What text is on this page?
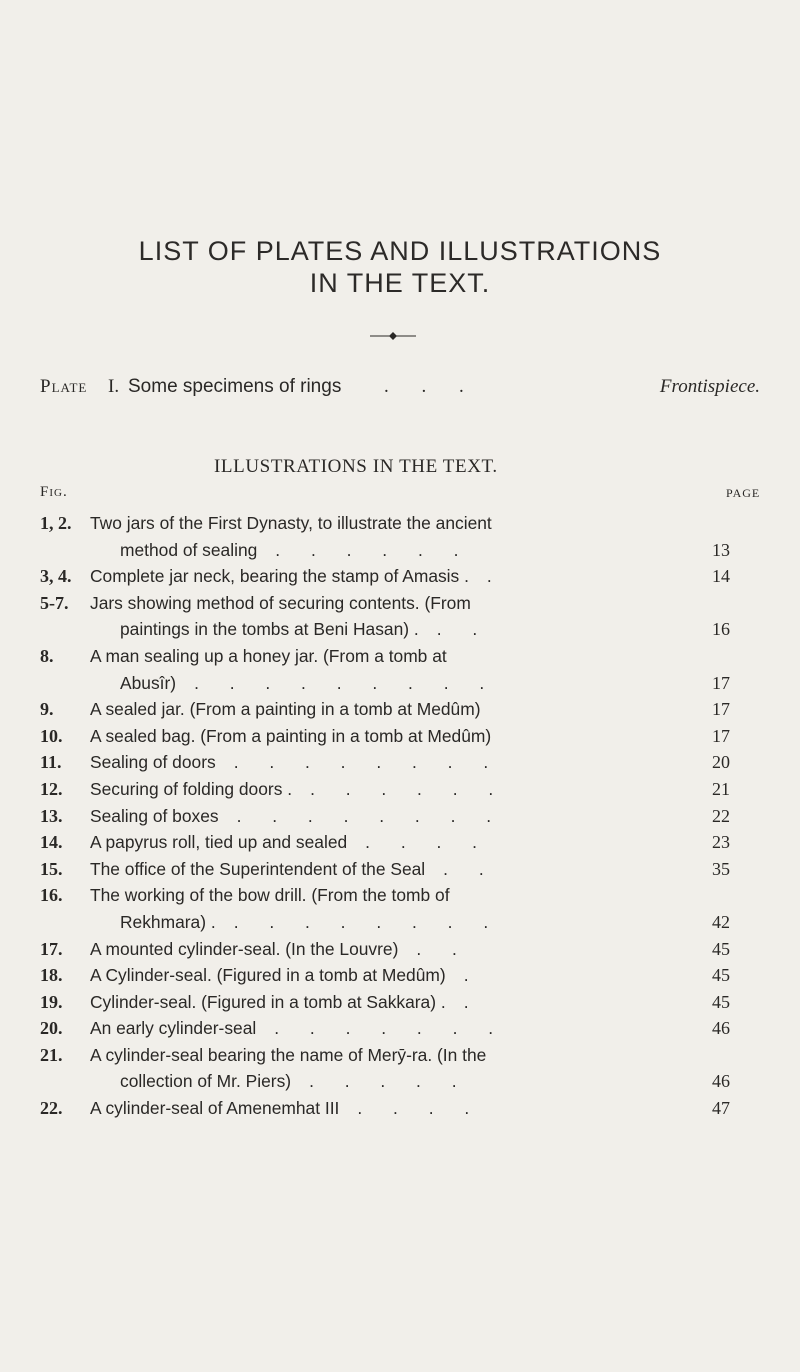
LIST OF PLATES AND ILLUSTRATIONS
IN THE TEXT.
Plate I. Some specimens of rings . . .	Frontispiece.
ILLUSTRATIONS IN THE TEXT.
Fig.	PAGE
1, 2.	Two jars of the First Dynasty, to illustrate the ancient
method of sealing . . . . . .	13
3, 4.	Complete jar neck, bearing the stamp of Amasis . .	14
5-7.	Jars showing method of securing contents. (From
paintings in the tombs at Beni Hasan) . . .	16
8.	A man sealing up a honey jar. (From a tomb at
Abusîr) . . . . . . . . .	17
9.	A sealed jar. (From a painting in a tomb at Medûm)	17
10.	A sealed bag. (From a painting in a tomb at Medûm)	17
11.	Sealing of doors . . . . . . . .	20
12.	Securing of folding doors . . . . . . .	21
13.	Sealing of boxes . . . . . . . .	22
14.	A papyrus roll, tied up and sealed . . . .	23
15.	The office of the Superintendent of the Seal . .	35
16.	The working of the bow drill. (From the tomb of
Rekhmara) . . . . . . . . .	42
17.	A mounted cylinder-seal. (In the Louvre) . .	45
18.	A Cylinder-seal. (Figured in a tomb at Medûm) .	45
19.	Cylinder-seal. (Figured in a tomb at Sakkara) . .	45
20.	An early cylinder-seal . . . . . . .	46
21.	A cylinder-seal bearing the name of Merȳ-ra. (In the
collection of Mr. Piers) . . . . .	46
22.	A cylinder-seal of Amenemhat III . . . .	47
